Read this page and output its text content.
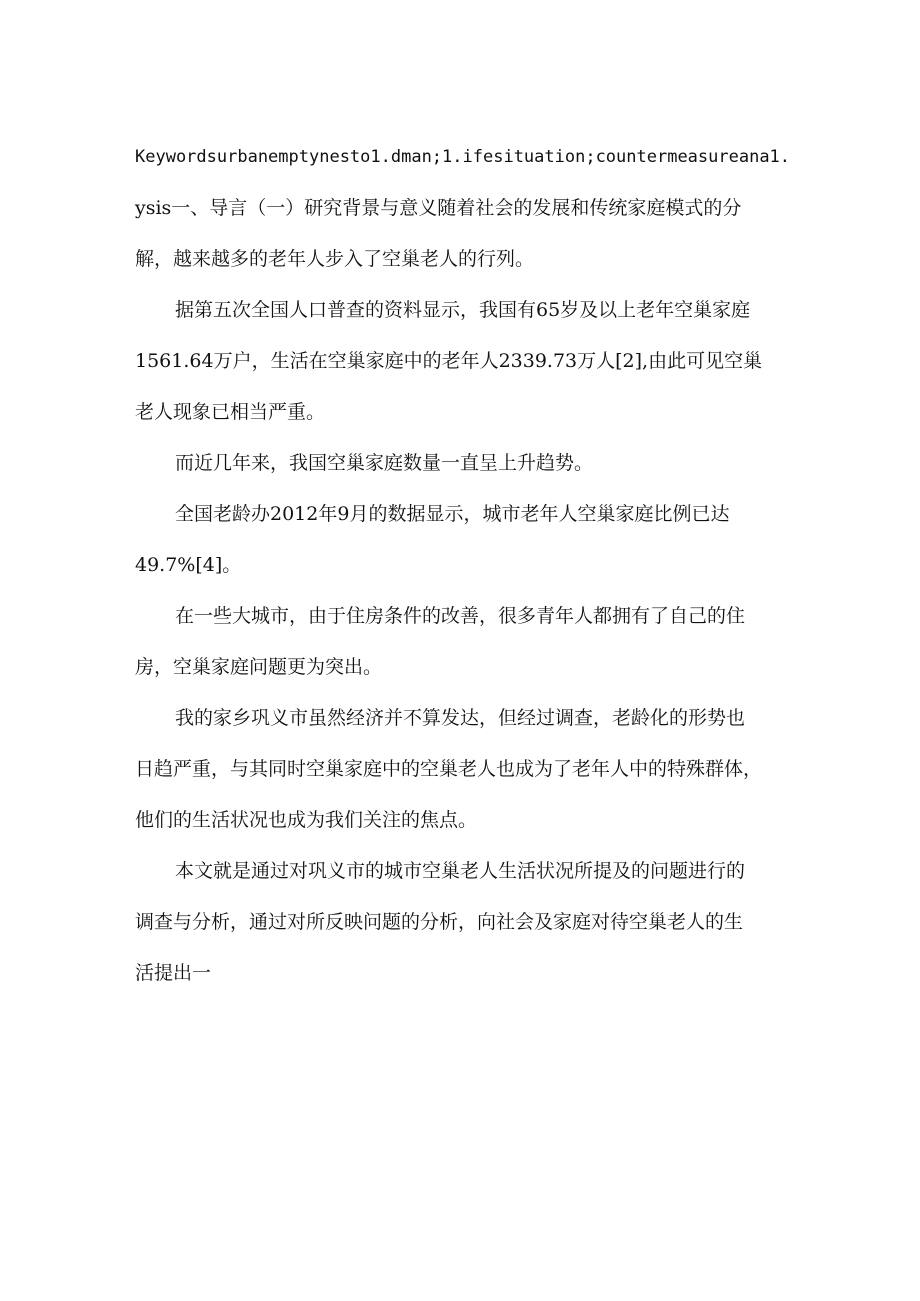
Keywordsurbanemptynesto1.dman;1.ifesituation;countermeasureana1.
ysis一、导言（一）研究背景与意义随着社会的发展和传统家庭模式的分
解，越来越多的老年人步入了空巢老人的行列。
据第五次全国人口普查的资料显示，我国有65岁及以上老年空巢家庭
1561.64万户，生活在空巢家庭中的老年人2339.73万人[2],由此可见空巢
老人现象已相当严重。
而近几年来，我国空巢家庭数量一直呈上升趋势。
全国老龄办2012年9月的数据显示，城市老年人空巢家庭比例已达
49.7%[4]。
在一些大城市，由于住房条件的改善，很多青年人都拥有了自己的住
房，空巢家庭问题更为突出。
我的家乡巩义市虽然经济并不算发达，但经过调查，老龄化的形势也
日趋严重，与其同时空巢家庭中的空巢老人也成为了老年人中的特殊群体，
他们的生活状况也成为我们关注的焦点。
本文就是通过对巩义市的城市空巢老人生活状况所提及的问题进行的
调查与分析，通过对所反映问题的分析，向社会及家庭对待空巢老人的生
活提出一
